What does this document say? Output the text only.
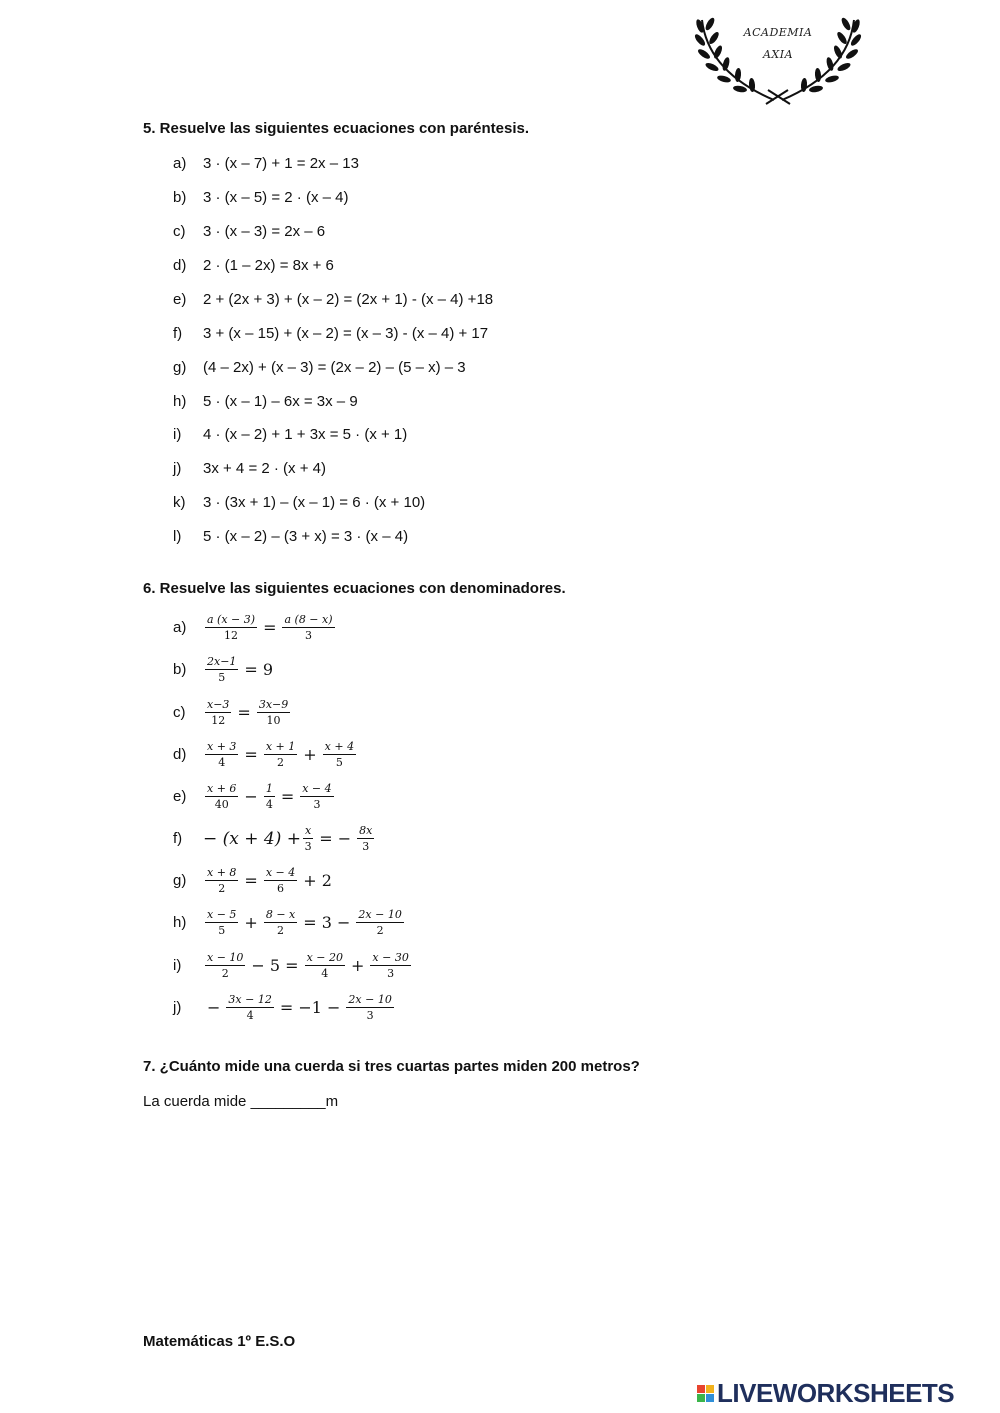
ACADEMIA
AXIA
5. Resuelve las siguientes ecuaciones con paréntesis.
a)	3 · (x – 7) + 1 = 2x – 13
b)	3 · (x – 5) = 2 · (x – 4)
c)	3 · (x – 3) = 2x – 6
d)	2 · (1 – 2x) = 8x + 6
e)	2 + (2x + 3) + (x – 2) = (2x + 1) - (x – 4) +18
f)	3 + (x – 15) + (x – 2) = (x – 3) - (x – 4) + 17
g)	(4 – 2x) + (x – 3) = (2x – 2) – (5 – x) – 3
h)	5 · (x – 1) – 6x = 3x – 9
i)	4 · (x – 2) + 1 + 3x = 5 · (x + 1)
j)	3x + 4 = 2 · (x + 4)
k)	3 · (3x + 1) – (x – 1) = 6 · (x + 10)
l)	5 · (x – 2) – (3 + x) = 3 · (x – 4)
6. Resuelve las siguientes ecuaciones con denominadores.
a)	$\frac{a (x - 3)}{12} = \frac{a (8 - x)}{3}$
b)	$\frac{2x-1}{5} = 9$
c)	$\frac{x-3}{12} = \frac{3x-9}{10}$
d)	$\frac{x + 3}{4} = \frac{x + 1}{2} + \frac{x + 4}{5}$
e)	$\frac{x + 6}{40} - \frac{1}{4} = \frac{x - 4}{3}$
f)	− $(x + 4) + \frac{x}{3}$ = − $\frac{8x}{3}$
g)	$\frac{x + 8}{2} = \frac{x - 4}{6} + 2$
h)	$\frac{x - 5}{5} + \frac{8 - x}{2} = 3 - \frac{2x - 10}{2}$
i)	$\frac{x - 10}{2} - 5 = \frac{x - 20}{4} + \frac{x - 30}{3}$
j)	− $\frac{3x - 12}{4} = -1 - \frac{2x - 10}{3}$
7. ¿Cuánto mide una cuerda si tres cuartas partes miden 200 metros?
La cuerda mide _________m
Matemáticas 1º E.S.O
LIVEWORKSHEETS
